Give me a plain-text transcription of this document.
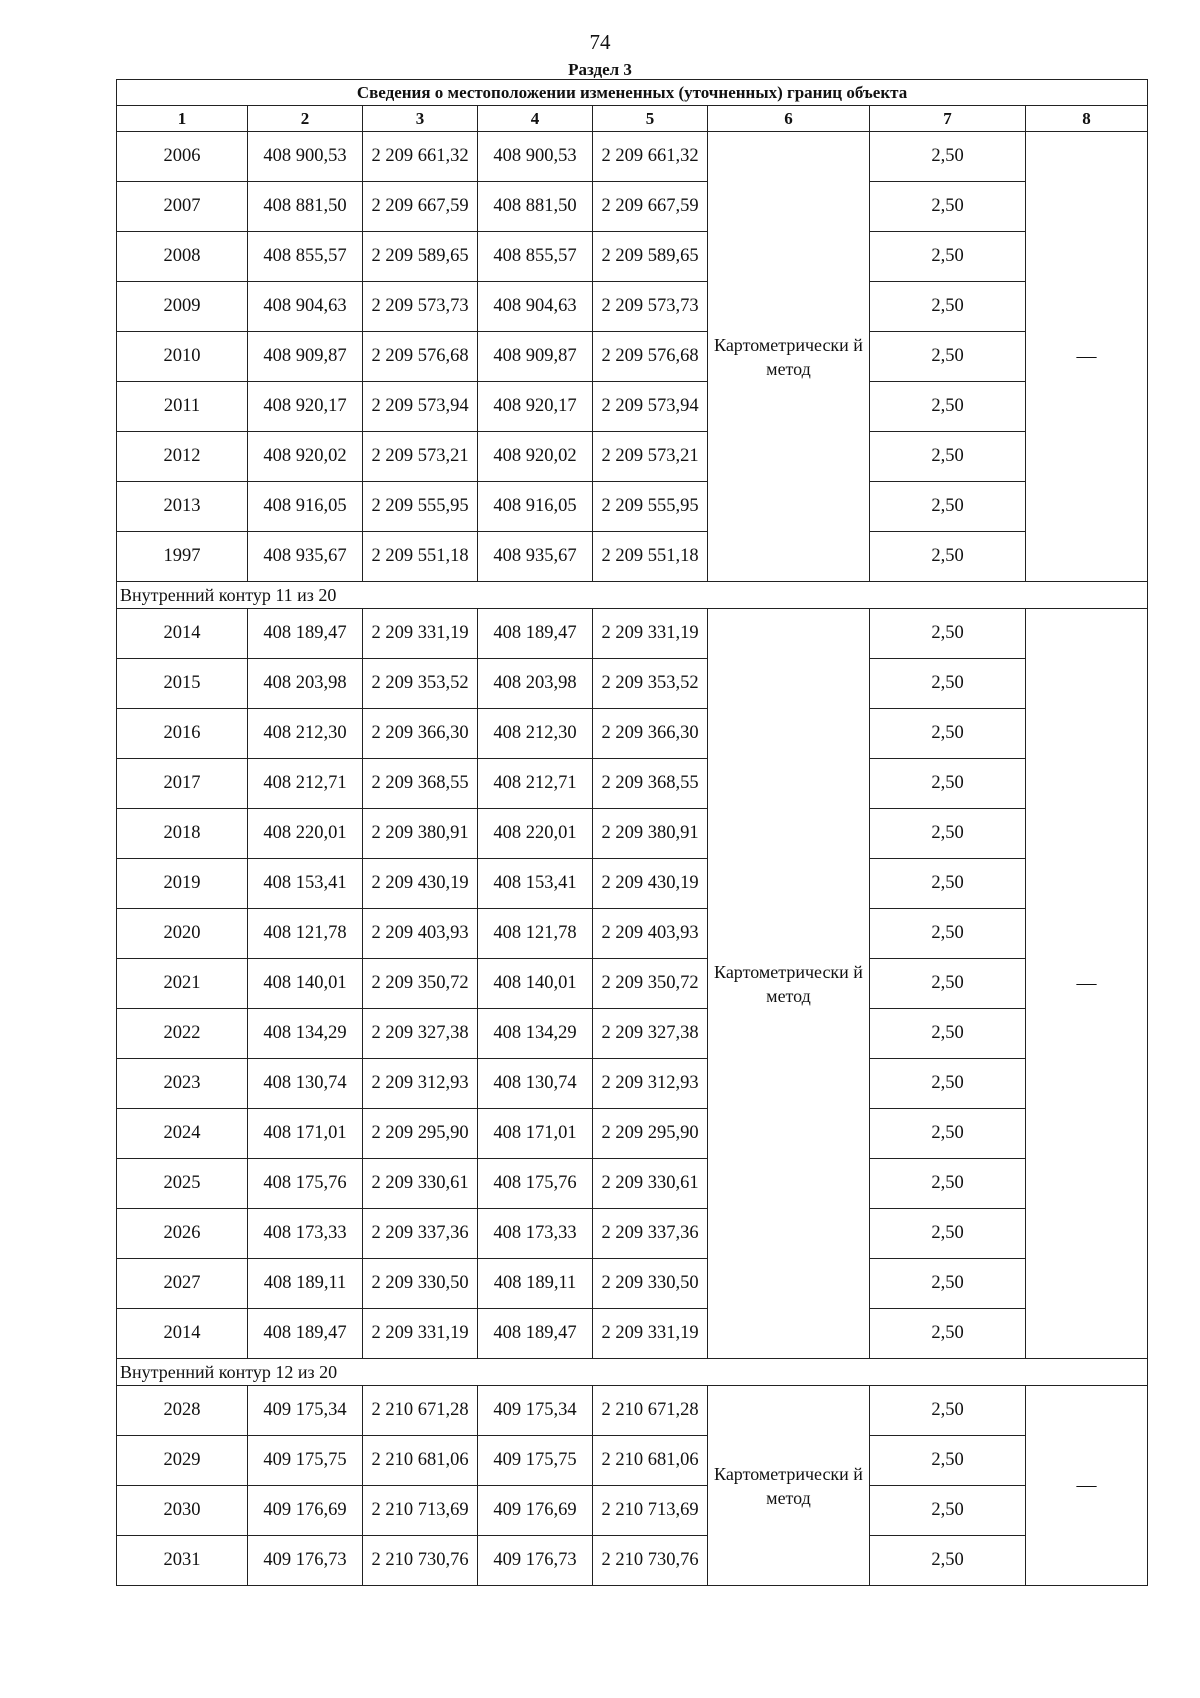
74
Раздел 3
Сведения о местоположении измененных (уточненных) границ объекта							
1	2	3	4	5	6	7	8
2006	408 900,53	2 209 661,32	408 900,53	2 209 661,32	Картометрически й метод	2,50	—
2007	408 881,50	2 209 667,59	408 881,50	2 209 667,59		2,50	
2008	408 855,57	2 209 589,65	408 855,57	2 209 589,65		2,50	
2009	408 904,63	2 209 573,73	408 904,63	2 209 573,73		2,50	
2010	408 909,87	2 209 576,68	408 909,87	2 209 576,68		2,50	
2011	408 920,17	2 209 573,94	408 920,17	2 209 573,94		2,50	
2012	408 920,02	2 209 573,21	408 920,02	2 209 573,21		2,50	
2013	408 916,05	2 209 555,95	408 916,05	2 209 555,95		2,50	
1997	408 935,67	2 209 551,18	408 935,67	2 209 551,18		2,50	
Внутренний контур 11 из 20							
2014	408 189,47	2 209 331,19	408 189,47	2 209 331,19	Картометрически й метод	2,50	—
2015	408 203,98	2 209 353,52	408 203,98	2 209 353,52		2,50	
2016	408 212,30	2 209 366,30	408 212,30	2 209 366,30		2,50	
2017	408 212,71	2 209 368,55	408 212,71	2 209 368,55		2,50	
2018	408 220,01	2 209 380,91	408 220,01	2 209 380,91		2,50	
2019	408 153,41	2 209 430,19	408 153,41	2 209 430,19		2,50	
2020	408 121,78	2 209 403,93	408 121,78	2 209 403,93		2,50	
2021	408 140,01	2 209 350,72	408 140,01	2 209 350,72		2,50	
2022	408 134,29	2 209 327,38	408 134,29	2 209 327,38		2,50	
2023	408 130,74	2 209 312,93	408 130,74	2 209 312,93		2,50	
2024	408 171,01	2 209 295,90	408 171,01	2 209 295,90		2,50	
2025	408 175,76	2 209 330,61	408 175,76	2 209 330,61		2,50	
2026	408 173,33	2 209 337,36	408 173,33	2 209 337,36		2,50	
2027	408 189,11	2 209 330,50	408 189,11	2 209 330,50		2,50	
2014	408 189,47	2 209 331,19	408 189,47	2 209 331,19		2,50	
Внутренний контур 12 из 20							
2028	409 175,34	2 210 671,28	409 175,34	2 210 671,28	Картометрически й метод	2,50	—
2029	409 175,75	2 210 681,06	409 175,75	2 210 681,06		2,50	
2030	409 176,69	2 210 713,69	409 176,69	2 210 713,69		2,50	
2031	409 176,73	2 210 730,76	409 176,73	2 210 730,76		2,50	
